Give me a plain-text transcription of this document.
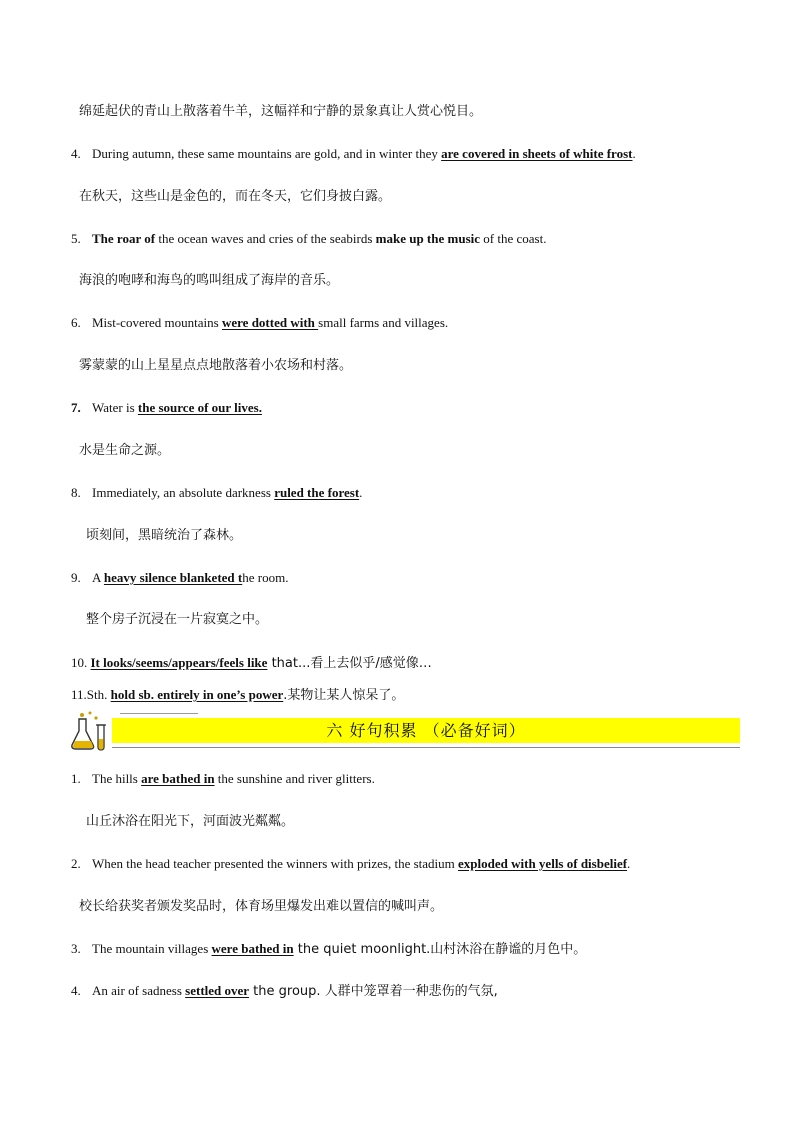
绵延起伏的青山上散落着牛羊，这幅祥和宁静的景象真让人赏心悦目。
4. During autumn, these same mountains are gold, and in winter they are covered in sheets of white frost.
在秋天，这些山是金色的，而在冬天，它们身披白露。
5. The roar of the ocean waves and cries of the seabirds make up the music of the coast.
海浪的咆哮和海鸟的鸣叫组成了海岸的音乐。
6. Mist-covered mountains were dotted with small farms and villages.
雾蒙蒙的山上星星点点地散落着小农场和村落。
7. Water is the source of our lives.
水是生命之源。
8. Immediately, an absolute darkness ruled the forest.
顷刻间，黑暗统治了森林。
9. A heavy silence blanketed the room.
整个房子沉浸在一片寂寞之中。
10. It looks/seems/appears/feels like that...看上去似乎/感觉像…
11.Sth. hold sb. entirely in one’s power.某物让某人惊呆了。
六 好句积累 （必备好词）
1. The hills are bathed in the sunshine and river glitters.
山丘沐浴在阳光下，河面波光粼粼。
2. When the head teacher presented the winners with prizes, the stadium exploded with yells of disbelief.
校长给获奖者颁发奖品时，体育场里爆发出难以置信的喊叫声。
3. The mountain villages were bathed in the quiet moonlight.山村沐浴在静谧的月色中。
4. An air of sadness settled over the group. 人群中笼罩着一种悲伤的气氛,
